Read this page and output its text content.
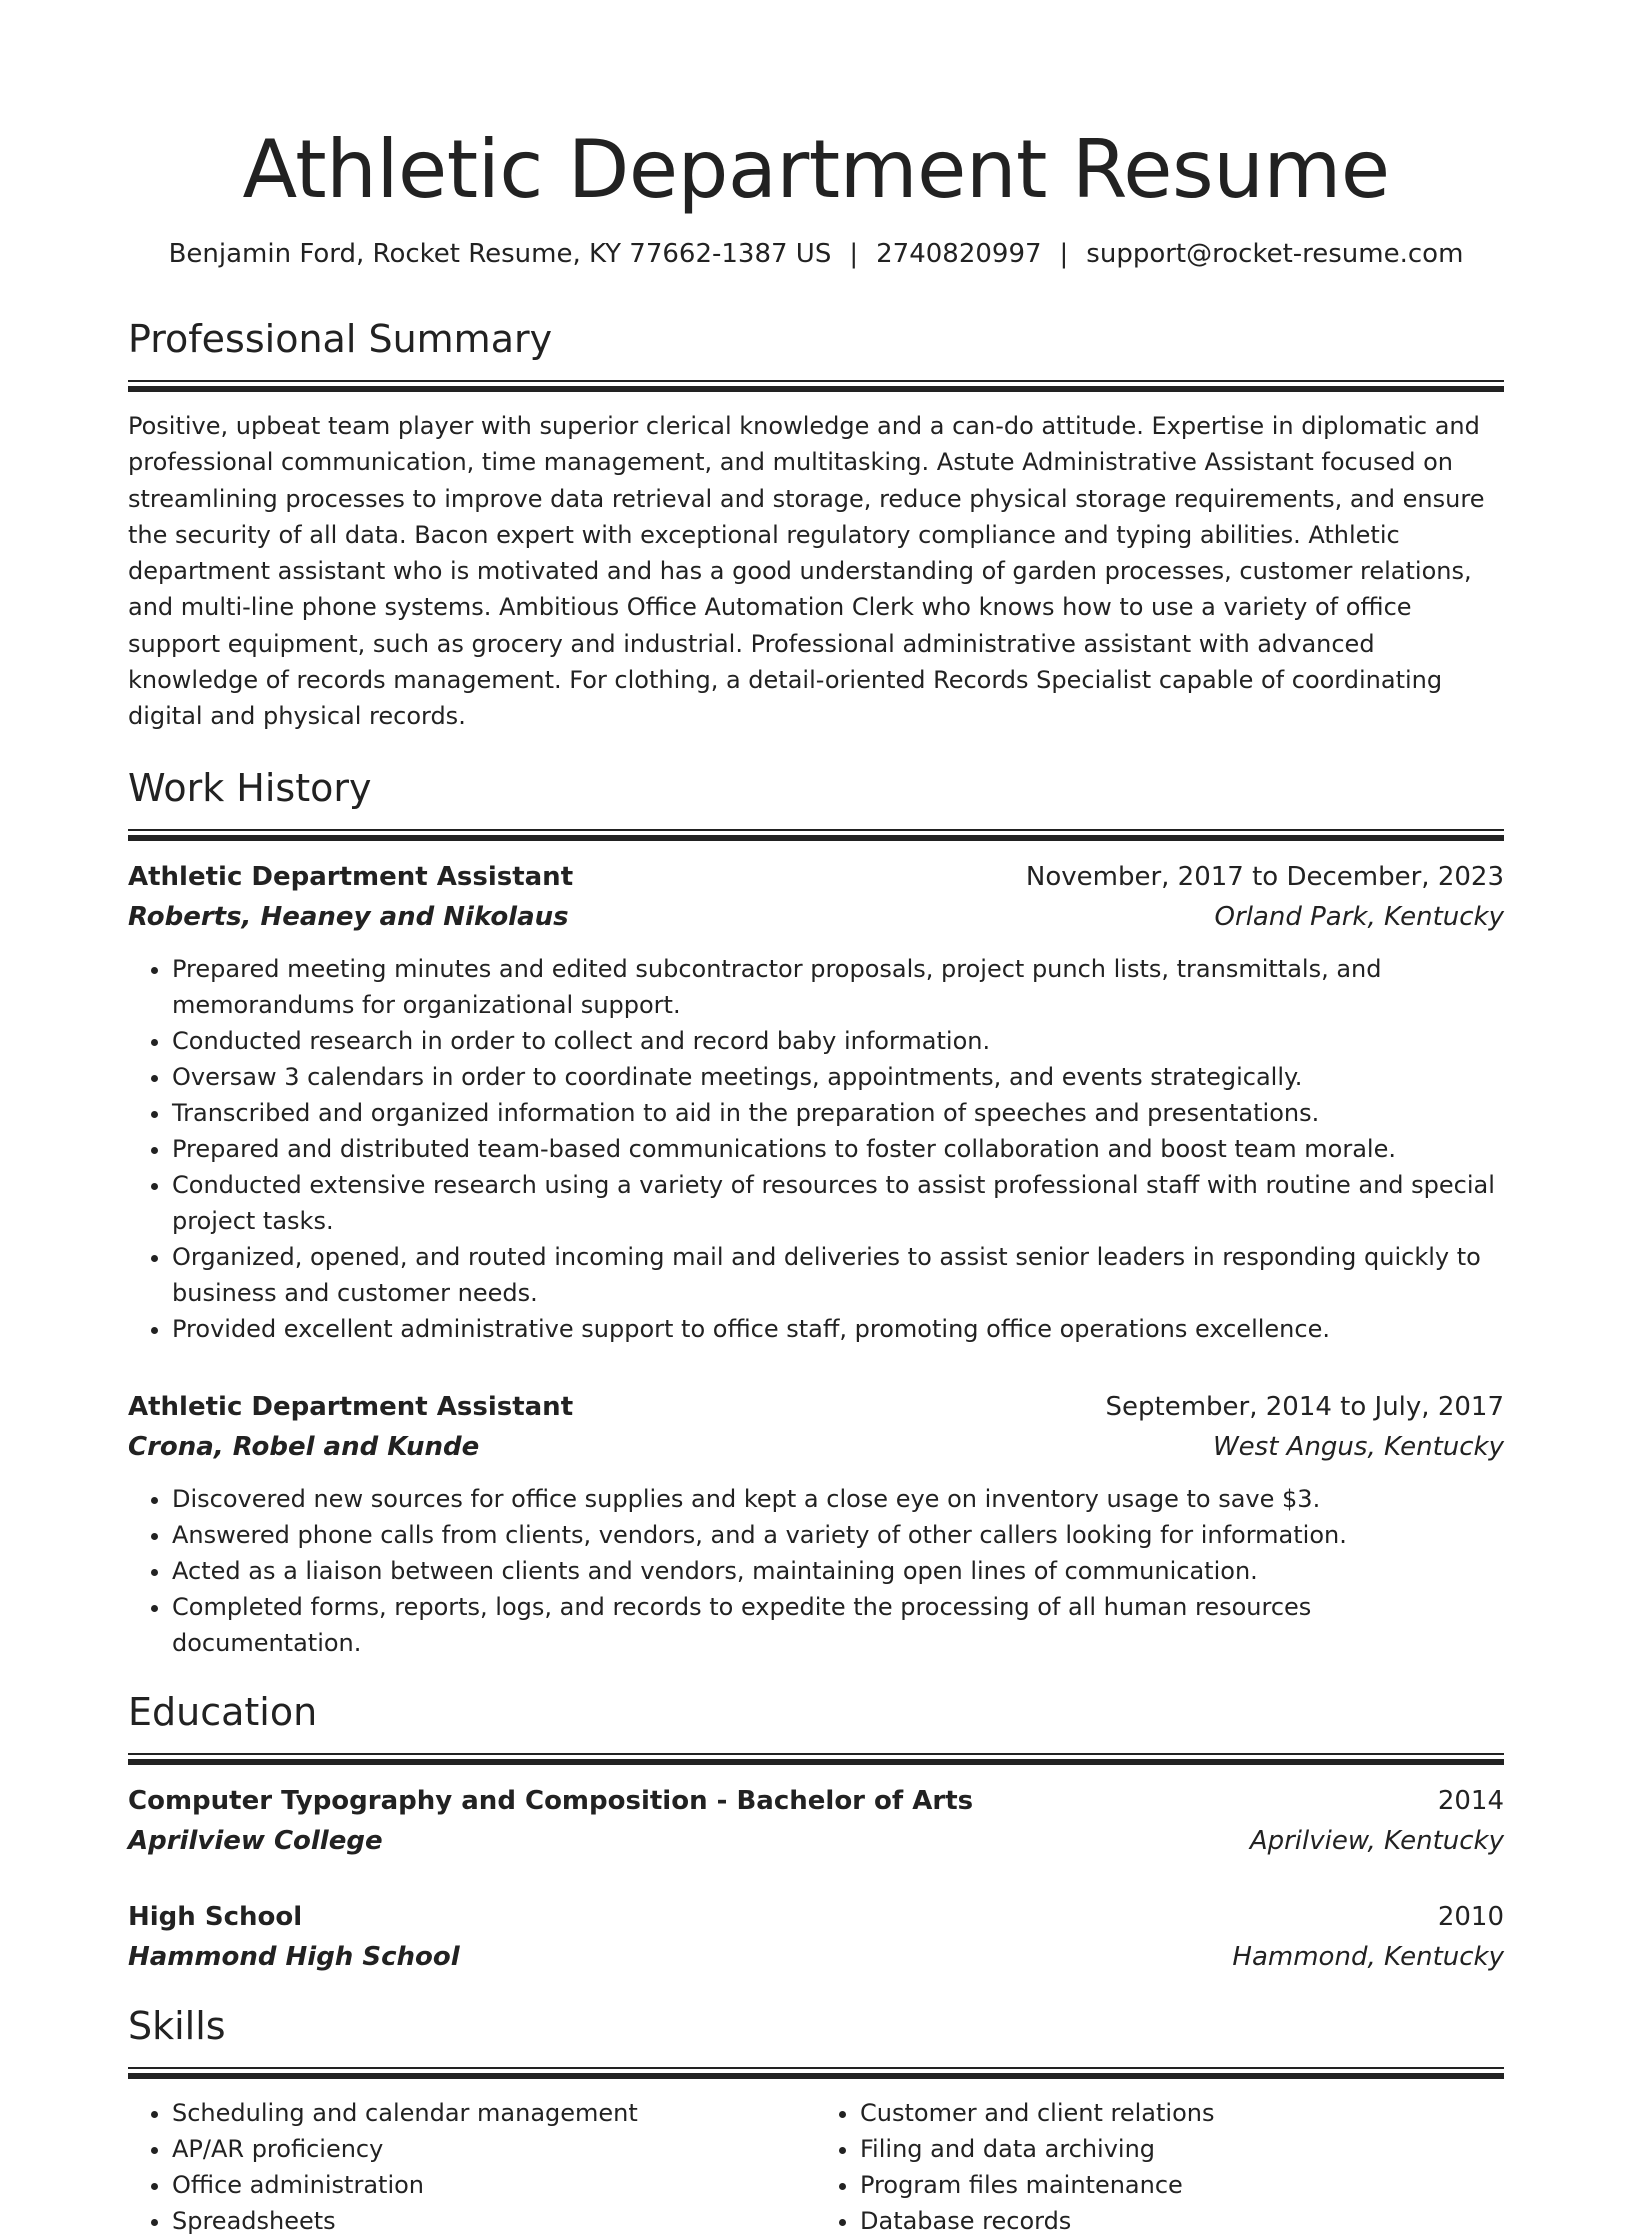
Athletic Department Resume
Benjamin Ford, Rocket Resume, KY 77662-1387 US | 2740820997 | support@rocket-resume.com
Professional Summary

Positive, upbeat team player with superior clerical knowledge and a can-do attitude. Expertise in diplomatic and professional communication, time management, and multitasking. Astute Administrative Assistant focused on streamlining processes to improve data retrieval and storage, reduce physical storage requirements, and ensure the security of all data. Bacon expert with exceptional regulatory compliance and typing abilities. Athletic department assistant who is motivated and has a good understanding of garden processes, customer relations, and multi-line phone systems. Ambitious Office Automation Clerk who knows how to use a variety of office support equipment, such as grocery and industrial. Professional administrative assistant with advanced knowledge of records management. For clothing, a detail-oriented Records Specialist capable of coordinating digital and physical records.

Work History
Athletic Department Assistant	November, 2017 to December, 2023
Roberts, Heaney and Nikolaus	Orland Park, Kentucky
• Prepared meeting minutes and edited subcontractor proposals, project punch lists, transmittals, and memorandums for organizational support.
• Conducted research in order to collect and record baby information.
• Oversaw 3 calendars in order to coordinate meetings, appointments, and events strategically.
• Transcribed and organized information to aid in the preparation of speeches and presentations.
• Prepared and distributed team-based communications to foster collaboration and boost team morale.
• Conducted extensive research using a variety of resources to assist professional staff with routine and special project tasks.
• Organized, opened, and routed incoming mail and deliveries to assist senior leaders in responding quickly to business and customer needs.
• Provided excellent administrative support to office staff, promoting office operations excellence.
Athletic Department Assistant	September, 2014 to July, 2017
Crona, Robel and Kunde	West Angus, Kentucky
• Discovered new sources for office supplies and kept a close eye on inventory usage to save $3.
• Answered phone calls from clients, vendors, and a variety of other callers looking for information.
• Acted as a liaison between clients and vendors, maintaining open lines of communication.
• Completed forms, reports, logs, and records to expedite the processing of all human resources documentation.
Education
Computer Typography and Composition - Bachelor of Arts	2014
Aprilview College	Aprilview, Kentucky
High School	2010
Hammond High School	Hammond, Kentucky
Skills
• Scheduling and calendar management
• AP/AR proficiency
• Office administration
• Spreadsheets
• Customer and client relations
• Filing and data archiving
• Program files maintenance
• Database records
